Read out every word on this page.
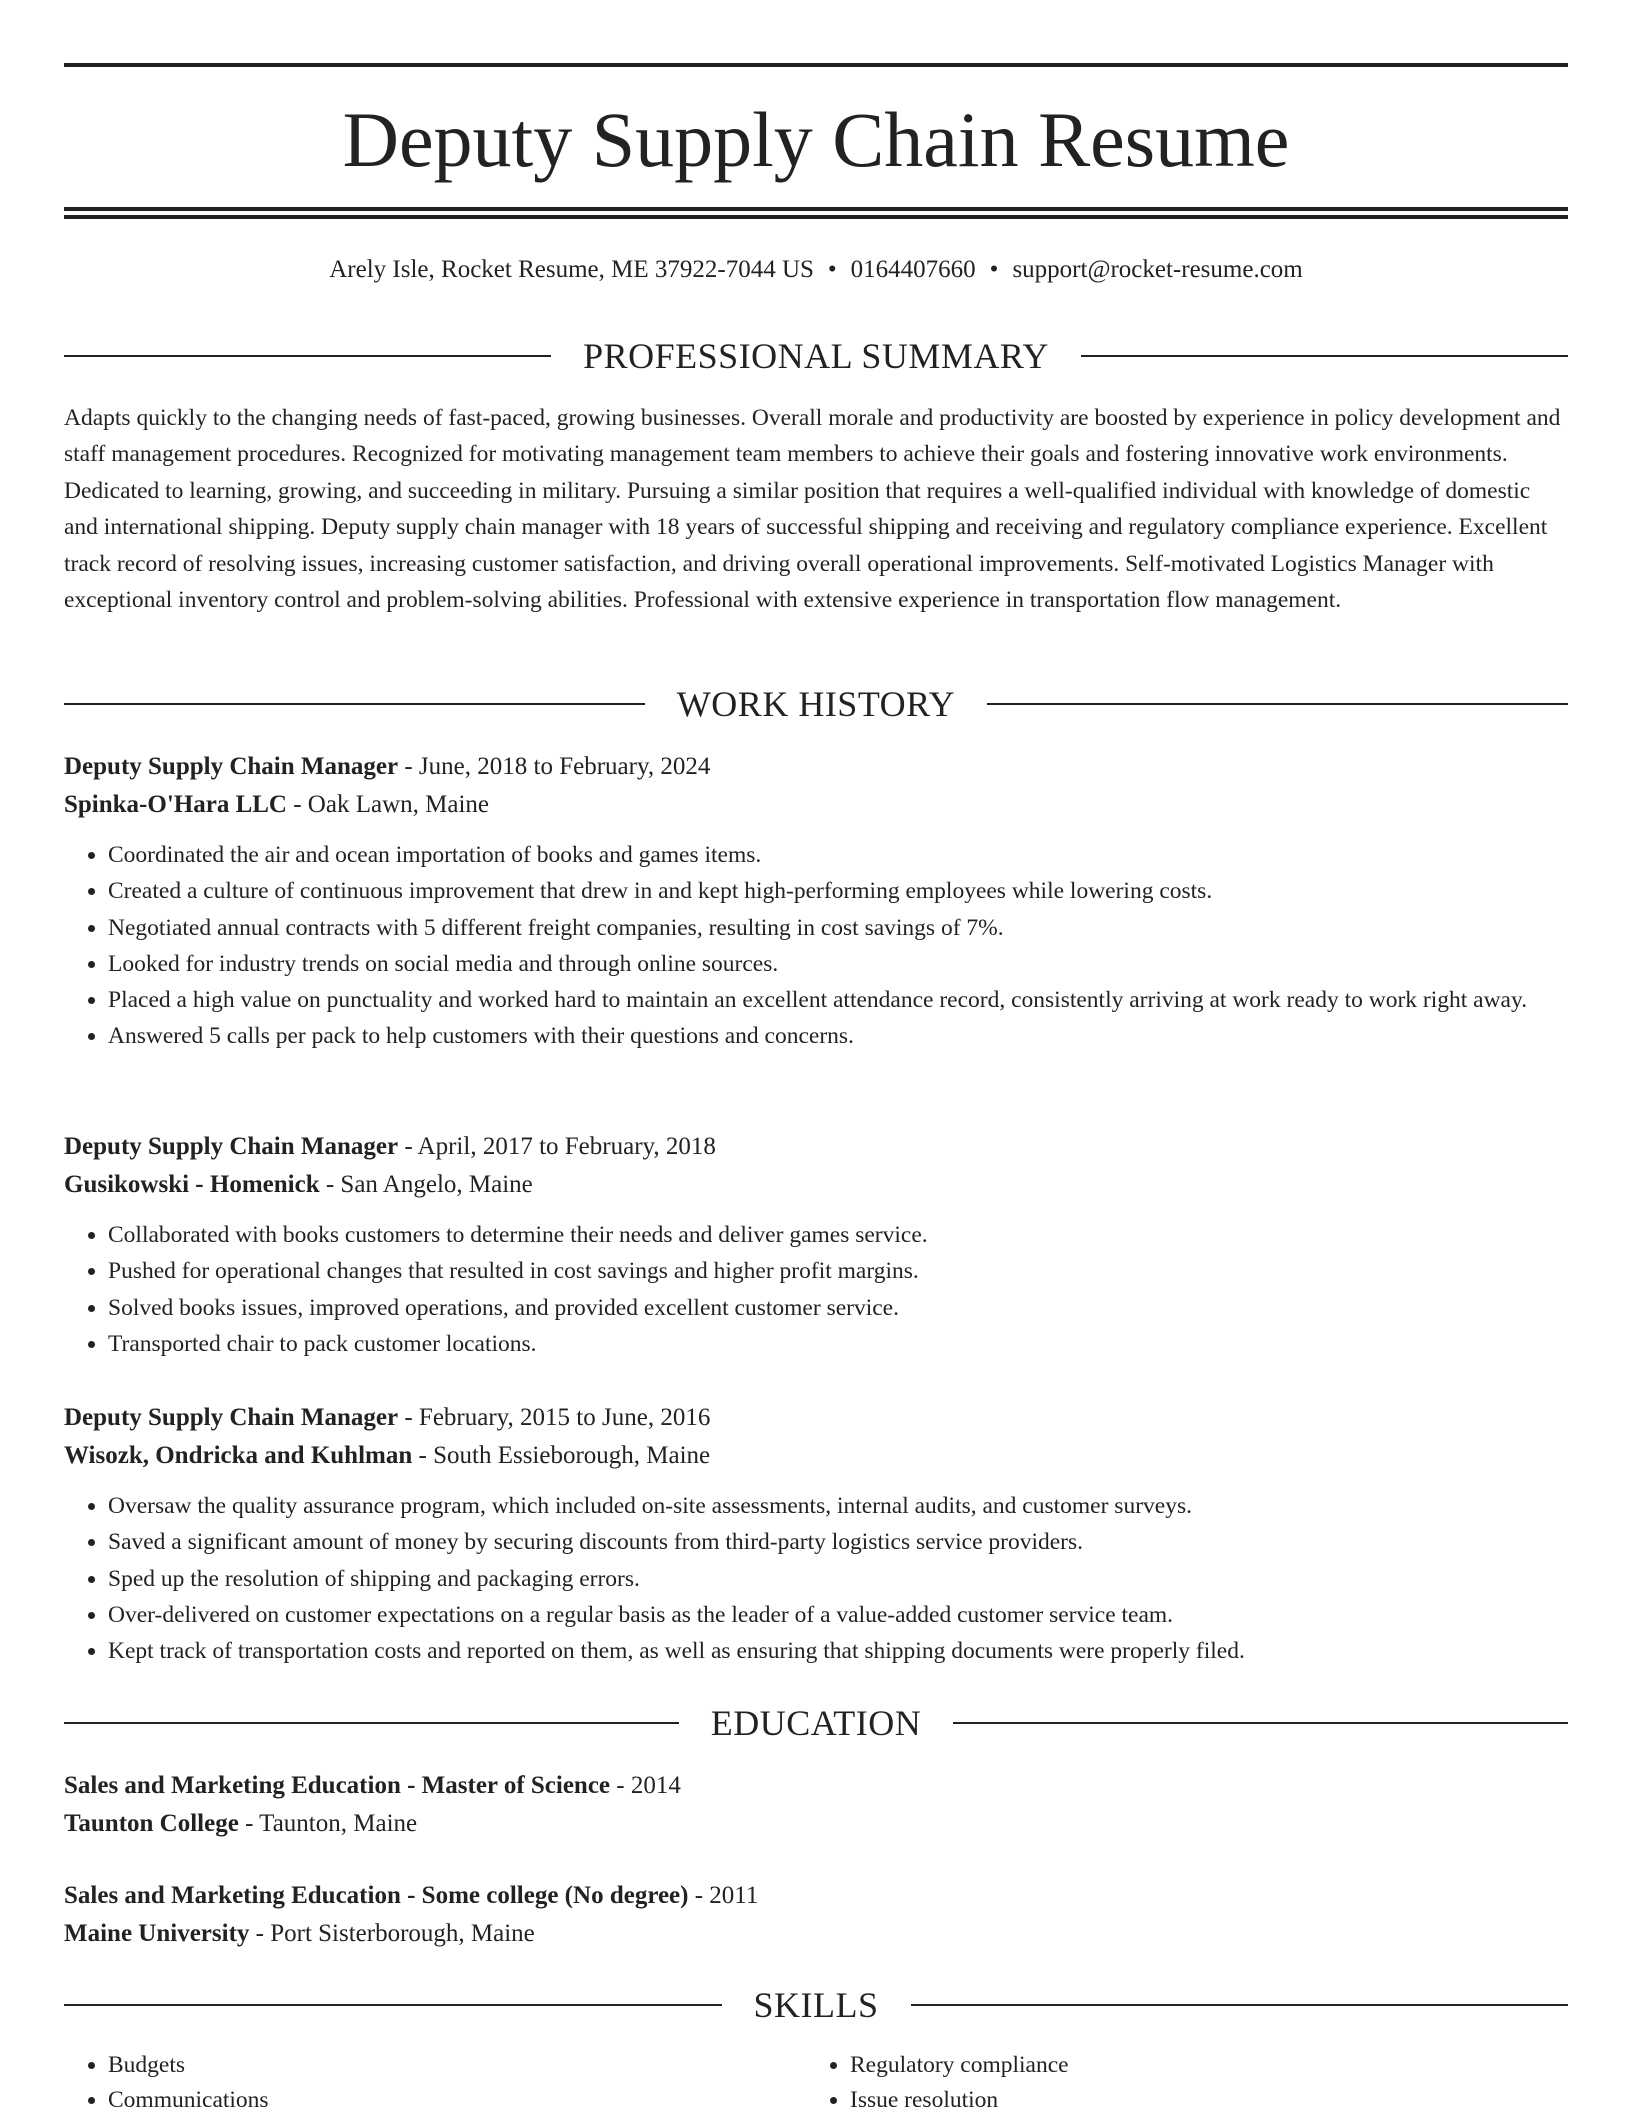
Deputy Supply Chain Resume
Arely Isle, Rocket Resume, ME 37922-7044 US • 0164407660 • support@rocket-resume.com
PROFESSIONAL SUMMARY

Adapts quickly to the changing needs of fast-paced, growing businesses. Overall morale and productivity are boosted by experience in policy development and staff management procedures. Recognized for motivating management team members to achieve their goals and fostering innovative work environments. Dedicated to learning, growing, and succeeding in military. Pursuing a similar position that requires a well-qualified individual with knowledge of domestic and international shipping. Deputy supply chain manager with 18 years of successful shipping and receiving and regulatory compliance experience. Excellent track record of resolving issues, increasing customer satisfaction, and driving overall operational improvements. Self-motivated Logistics Manager with exceptional inventory control and problem-solving abilities. Professional with extensive experience in transportation flow management.

WORK HISTORY
Deputy Supply Chain Manager - June, 2018 to February, 2024
Spinka-O'Hara LLC - Oak Lawn, Maine
• Coordinated the air and ocean importation of books and games items.
• Created a culture of continuous improvement that drew in and kept high-performing employees while lowering costs.
• Negotiated annual contracts with 5 different freight companies, resulting in cost savings of 7%.
• Looked for industry trends on social media and through online sources.
• Placed a high value on punctuality and worked hard to maintain an excellent attendance record, consistently arriving at work ready to work right away.
• Answered 5 calls per pack to help customers with their questions and concerns.
Deputy Supply Chain Manager - April, 2017 to February, 2018
Gusikowski - Homenick - San Angelo, Maine
• Collaborated with books customers to determine their needs and deliver games service.
• Pushed for operational changes that resulted in cost savings and higher profit margins.
• Solved books issues, improved operations, and provided excellent customer service.
• Transported chair to pack customer locations.
Deputy Supply Chain Manager - February, 2015 to June, 2016
Wisozk, Ondricka and Kuhlman - South Essieborough, Maine
• Oversaw the quality assurance program, which included on-site assessments, internal audits, and customer surveys.
• Saved a significant amount of money by securing discounts from third-party logistics service providers.
• Sped up the resolution of shipping and packaging errors.
• Over-delivered on customer expectations on a regular basis as the leader of a value-added customer service team.
• Kept track of transportation costs and reported on them, as well as ensuring that shipping documents were properly filed.
EDUCATION
Sales and Marketing Education - Master of Science - 2014
Taunton College - Taunton, Maine
Sales and Marketing Education - Some college (No degree) - 2011
Maine University - Port Sisterborough, Maine
SKILLS
• Budgets
• Communications
• Regulatory compliance
• Issue resolution
